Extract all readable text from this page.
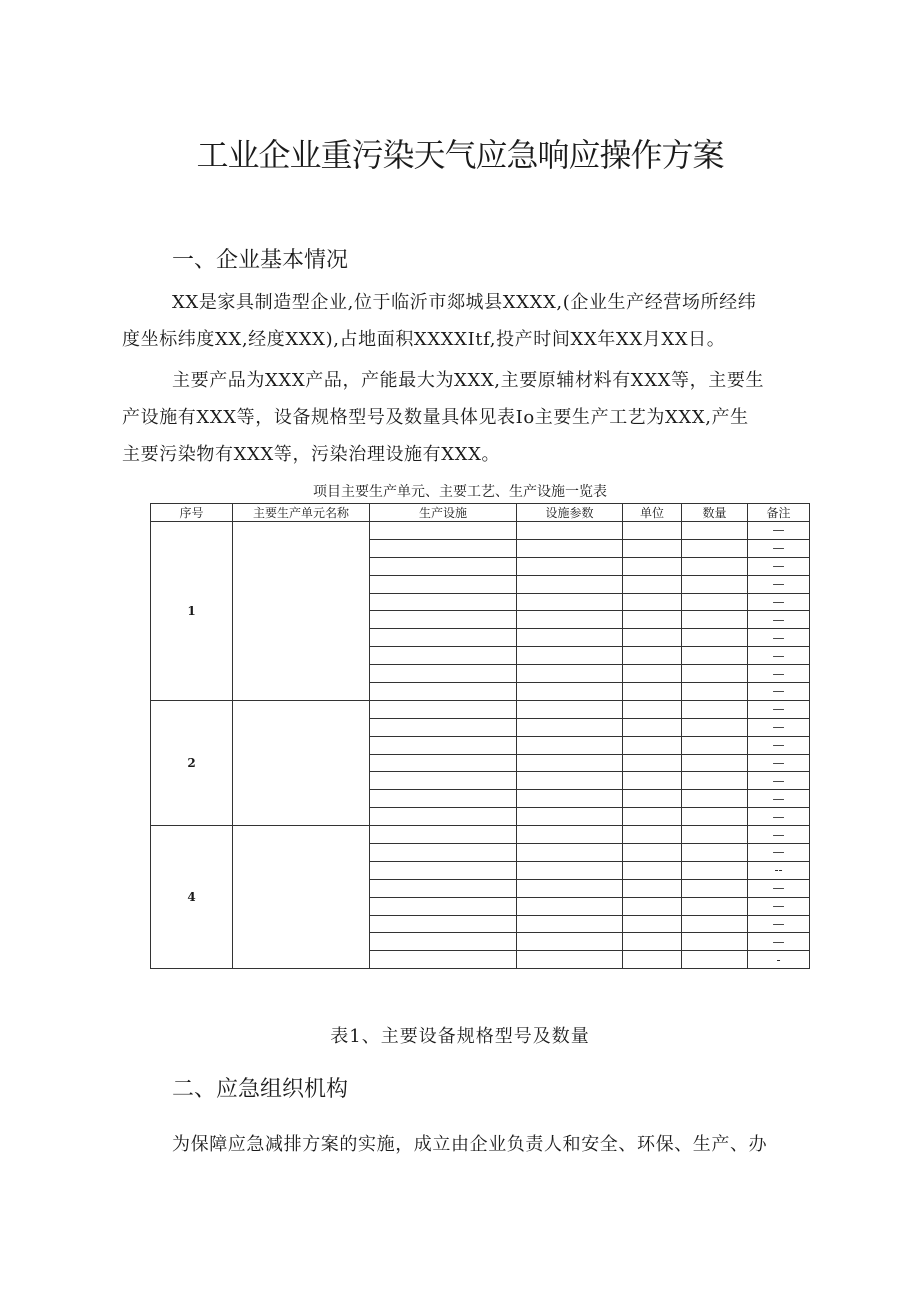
工业企业重污染天气应急响应操作方案
一、企业基本情况
XX是家具制造型企业,位于临沂市郯城县XXXX,(企业生产经营场所经纬
度坐标纬度XX,经度XXX),占地面积XXXXItf,投产时间XX年XX月XX日。
主要产品为XXX产品，产能最大为XXX,主要原辅材料有XXX等，主要生
产设施有XXX等，设备规格型号及数量具体见表Io主要生产工艺为XXX,产生
主要污染物有XXX等，污染治理设施有XXX。
项目主要生产单元、主要工艺、生产设施一览表
序号	主要生产单元名称	生产设施	设施参数	单位	数量	备注
1						—
						—
						—
						—
						—
						—
						—
						—
						—
						—
2						—
						—
						—
						—
						—
						—
						—
4						—
						—
						--
						—
						—
						—
						—
						-
表1、主要设备规格型号及数量
二、应急组织机构
为保障应急减排方案的实施，成立由企业负责人和安全、环保、生产、办
